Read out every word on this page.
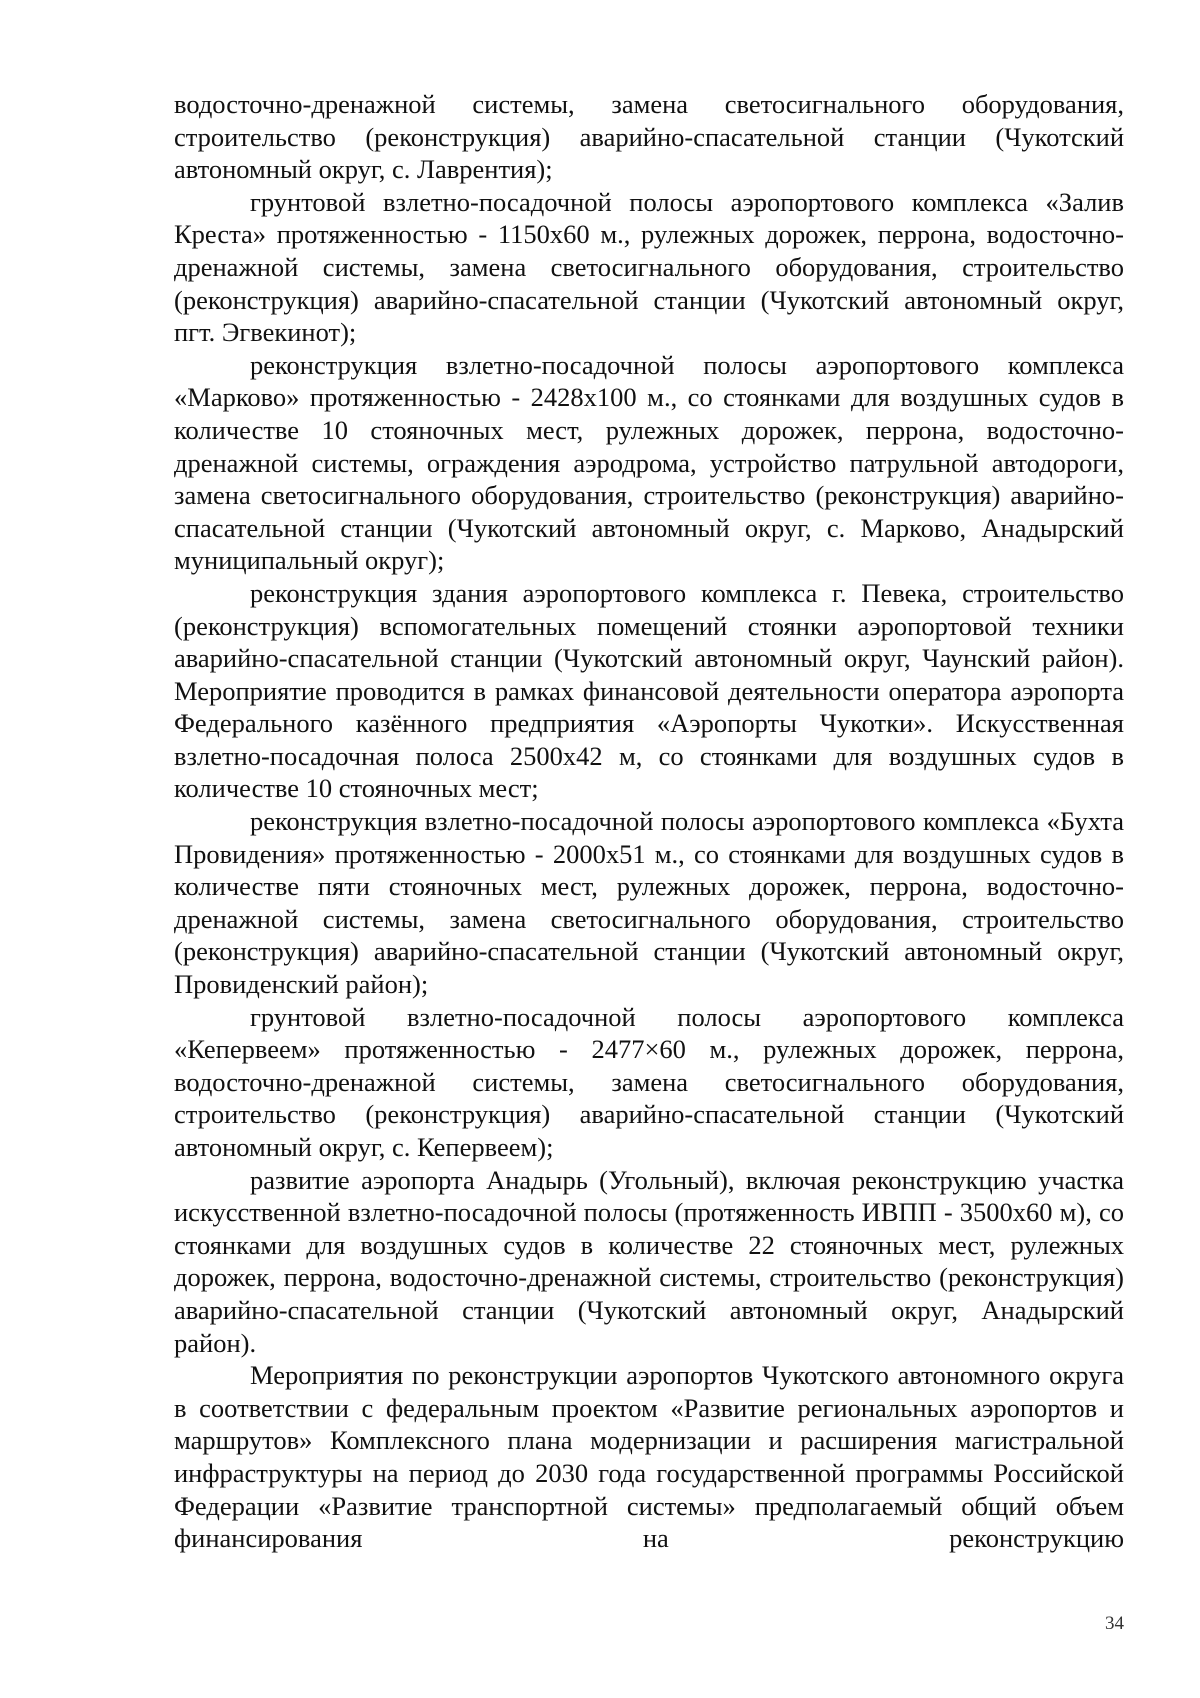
водосточно-дренажной системы, замена светосигнального оборудования, строительство (реконструкция) аварийно-спасательной станции (Чукотский автономный округ, с. Лаврентия);

грунтовой взлетно-посадочной полосы аэропортового комплекса «Залив Креста» протяженностью - 1150х60 м., рулежных дорожек, перрона, водосточно-дренажной системы, замена светосигнального оборудования, строительство (реконструкция) аварийно-спасательной станции (Чукотский автономный округ, пгт. Эгвекинот);

реконструкция взлетно-посадочной полосы аэропортового комплекса «Марково» протяженностью - 2428х100 м., со стоянками для воздушных судов в количестве 10 стояночных мест, рулежных дорожек, перрона, водосточно-дренажной системы, ограждения аэродрома, устройство патрульной автодороги, замена светосигнального оборудования, строительство (реконструкция) аварийно-спасательной станции (Чукотский автономный округ, с. Марково, Анадырский муниципальный округ);

реконструкция здания аэропортового комплекса г. Певека, строительство (реконструкция) вспомогательных помещений стоянки аэропортовой техники аварийно-спасательной станции (Чукотский автономный округ, Чаунский район). Мероприятие проводится в рамках финансовой деятельности оператора аэропорта Федерального казённого предприятия «Аэропорты Чукотки». Искусственная взлетно-посадочная полоса 2500х42 м, со стоянками для воздушных судов в количестве 10 стояночных мест;

реконструкция взлетно-посадочной полосы аэропортового комплекса «Бухта Провидения» протяженностью - 2000х51 м., со стоянками для воздушных судов в количестве пяти стояночных мест, рулежных дорожек, перрона, водосточно-дренажной системы, замена светосигнального оборудования, строительство (реконструкция) аварийно-спасательной станции (Чукотский автономный округ, Провиденский район);

грунтовой взлетно-посадочной полосы аэропортового комплекса «Кепервеем» протяженностью - 2477×60 м., рулежных дорожек, перрона, водосточно-дренажной системы, замена светосигнального оборудования, строительство (реконструкция) аварийно-спасательной станции (Чукотский автономный округ, с. Кепервеем);

развитие аэропорта Анадырь (Угольный), включая реконструкцию участка искусственной взлетно-посадочной полосы (протяженность ИВПП - 3500х60 м), со стоянками для воздушных судов в количестве 22 стояночных мест, рулежных дорожек, перрона, водосточно-дренажной системы, строительство (реконструкция) аварийно-спасательной станции (Чукотский автономный округ, Анадырский район).

Мероприятия по реконструкции аэропортов Чукотского автономного округа в соответствии с федеральным проектом «Развитие региональных аэропортов и маршрутов» Комплексного плана модернизации и расширения магистральной инфраструктуры на период до 2030 года государственной программы Российской Федерации «Развитие транспортной системы» предполагаемый общий объем финансирования на реконструкцию

34
